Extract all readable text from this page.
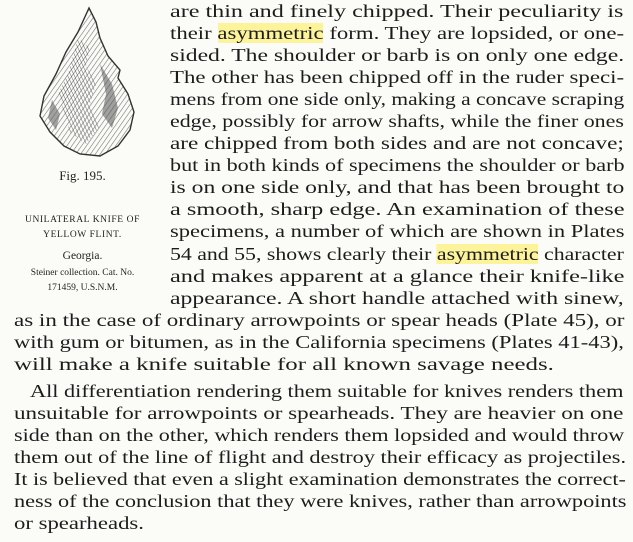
Fig. 195.
UNILATERAL KNIFE OF
YELLOW FLINT.
Georgia.
Steiner collection. Cat. No.
171459, U.S.N.M.
are thin and finely chipped. Their peculiarity is
their asymmetric form. They are lopsided, or one-
sided. The shoulder or barb is on only one edge.
The other has been chipped off in the ruder speci-
mens from one side only, making a concave scraping
edge, possibly for arrow shafts, while the finer ones
are chipped from both sides and are not concave;
but in both kinds of specimens the shoulder or barb
is on one side only, and that has been brought to
a smooth, sharp edge. An examination of these
specimens, a number of which are shown in Plates
54 and 55, shows clearly their asymmetric character
and makes apparent at a glance their knife-like
appearance. A short handle attached with sinew,
as in the case of ordinary arrowpoints or spear heads (Plate 45), or
with gum or bitumen, as in the California specimens (Plates 41-43),
will make a knife suitable for all known savage needs.
All differentiation rendering them suitable for knives renders them
unsuitable for arrowpoints or spearheads. They are heavier on one
side than on the other, which renders them lopsided and would throw
them out of the line of flight and destroy their efficacy as projectiles.
It is believed that even a slight examination demonstrates the correct-
ness of the conclusion that they were knives, rather than arrowpoints
or spearheads.
